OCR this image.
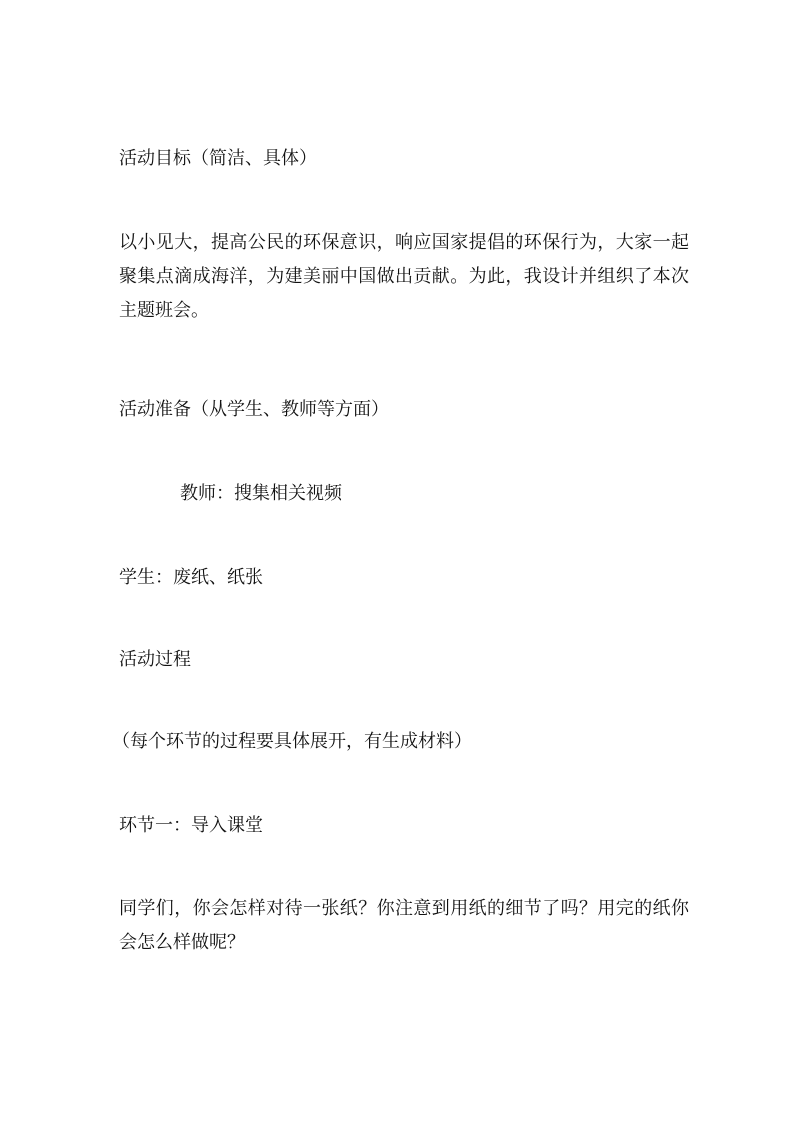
活动目标（简洁、具体）
以小见大，提高公民的环保意识，响应国家提倡的环保行为，大家一起聚集点滴成海洋，为建美丽中国做出贡献。为此，我设计并组织了本次主题班会。
活动准备（从学生、教师等方面）
教师：搜集相关视频
学生：废纸、纸张
活动过程
（每个环节的过程要具体展开，有生成材料）
环节一：导入课堂
同学们，你会怎样对待一张纸？你注意到用纸的细节了吗？用完的纸你会怎么样做呢？
